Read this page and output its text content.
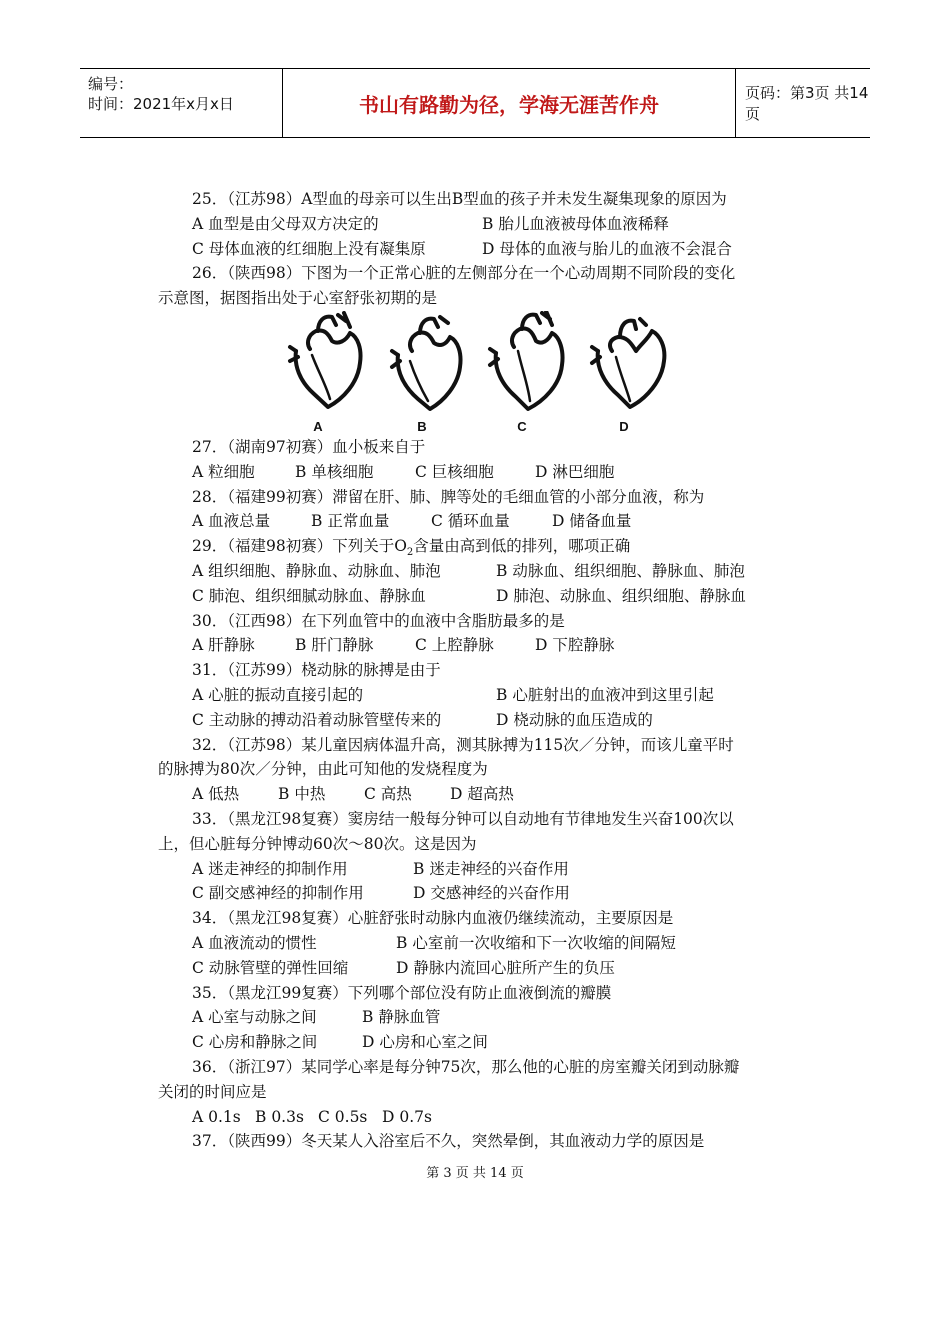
编号：
时间：2021年x月x日	书山有路勤为径，学海无涯苦作舟	页码：第3页 共14页
25．（江苏98）A型血的母亲可以生出B型血的孩子并未发生凝集现象的原因为
A 血型是由父母双方决定的	B 胎儿血液被母体血液稀释
C 母体血液的红细胞上没有凝集原	D 母体的血液与胎儿的血液不会混合
26．（陕西98）下图为一个正常心脏的左侧部分在一个心动周期不同阶段的变化
示意图，据图指出处于心室舒张初期的是
A	B	C	D
27．（湖南97初赛）血小板来自于
A 粒细胞	B 单核细胞	C 巨核细胞	D 淋巴细胞
28．（福建99初赛）滞留在肝、肺、脾等处的毛细血管的小部分血液，称为
A 血液总量	B 正常血量	C 循环血量	D 储备血量
29．（福建98初赛）下列关于$O_2$含量由高到低的排列，哪项正确
A 组织细胞、静脉血、动脉血、肺泡	B 动脉血、组织细胞、静脉血、肺泡
C 肺泡、组织细腻动脉血、静脉血	D 肺泡、动脉血、组织细胞、静脉血
30．（江西98）在下列血管中的血液中含脂肪最多的是
A 肝静脉	B 肝门静脉	C 上腔静脉	D 下腔静脉
31．（江苏99）桡动脉的脉搏是由于
A 心脏的振动直接引起的	B 心脏射出的血液冲到这里引起
C 主动脉的搏动沿着动脉管壁传来的	D 桡动脉的血压造成的
32．（江苏98）某儿童因病体温升高，测其脉搏为115次／分钟，而该儿童平时
的脉搏为80次／分钟，由此可知他的发烧程度为
A 低热	B 中热 C 高热 D 超高热
33．（黑龙江98复赛）窦房结一般每分钟可以自动地有节律地发生兴奋100次以
上，但心脏每分钟博动60次～80次。这是因为
A 迷走神经的抑制作用	B 迷走神经的兴奋作用
C 副交感神经的抑制作用	D 交感神经的兴奋作用
34．（黑龙江98复赛）心脏舒张时动脉内血液仍继续流动，主要原因是
A 血液流动的惯性	B 心室前一次收缩和下一次收缩的间隔短
C 动脉管壁的弹性回缩	D 静脉内流回心脏所产生的负压
35．（黑龙江99复赛）下列哪个部位没有防止血液倒流的瓣膜
A 心室与动脉之间	B 静脉血管
C 心房和静脉之间	D 心房和心室之间
36．（浙江97）某同学心率是每分钟75次，那么他的心脏的房室瓣关闭到动脉瓣
关闭的时间应是
A 0.1s B 0.3s C 0.5s D 0.7s
37．（陕西99）冬天某人入浴室后不久，突然晕倒，其血液动力学的原因是
第 3 页 共 14 页
